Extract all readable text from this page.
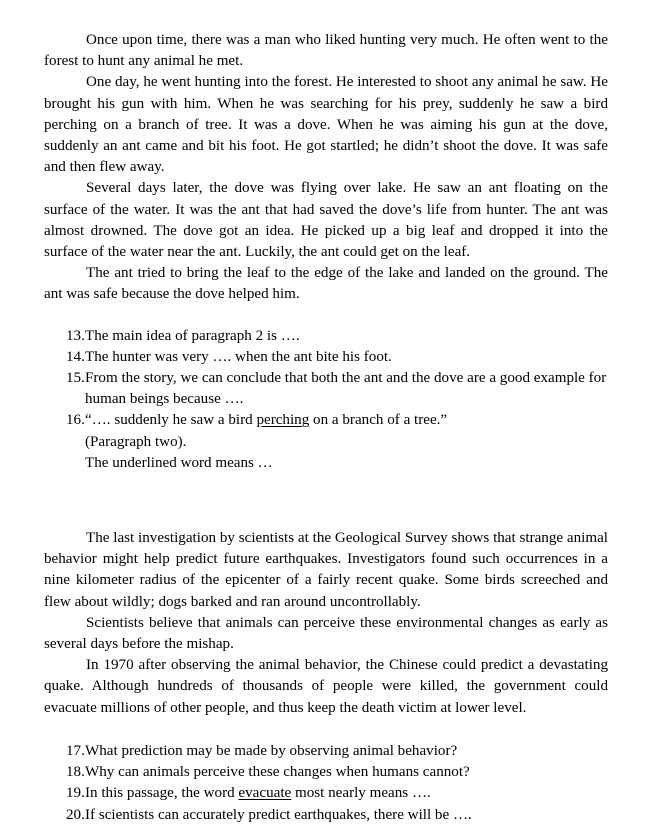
Once upon time, there was a man who liked hunting very much. He often went to the forest to hunt any animal he met.

One day, he went hunting into the forest. He interested to shoot any animal he saw. He brought his gun with him. When he was searching for his prey, suddenly he saw a bird perching on a branch of tree. It was a dove. When he was aiming his gun at the dove, suddenly an ant came and bit his foot. He got startled; he didn’t shoot the dove. It was safe and then flew away.

Several days later, the dove was flying over lake. He saw an ant floating on the surface of the water. It was the ant that had saved the dove’s life from hunter. The ant was almost drowned. The dove got an idea. He picked up a big leaf and dropped it into the surface of the water near the ant. Luckily, the ant could get on the leaf.

The ant tried to bring the leaf to the edge of the lake and landed on the ground. The ant was safe because the dove helped him.

13. The main idea of paragraph 2 is ….
14. The hunter was very …. when the ant bite his foot.
15. From the story, we can conclude that both the ant and the dove are a good example for human beings because ….
16. “…. suddenly he saw a bird perching on a branch of a tree.”
(Paragraph two).
The underlined word means …

The last investigation by scientists at the Geological Survey shows that strange animal behavior might help predict future earthquakes. Investigators found such occurrences in a nine kilometer radius of the epicenter of a fairly recent quake. Some birds screeched and flew about wildly; dogs barked and ran around uncontrollably.

Scientists believe that animals can perceive these environmental changes as early as several days before the mishap.

In 1970 after observing the animal behavior, the Chinese could predict a devastating quake. Although hundreds of thousands of people were killed, the government could evacuate millions of other people, and thus keep the death victim at lower level.

17. What prediction may be made by observing animal behavior?
18. Why can animals perceive these changes when humans cannot?
19. In this passage, the word evacuate most nearly means ….
20. If scientists can accurately predict earthquakes, there will be ….
